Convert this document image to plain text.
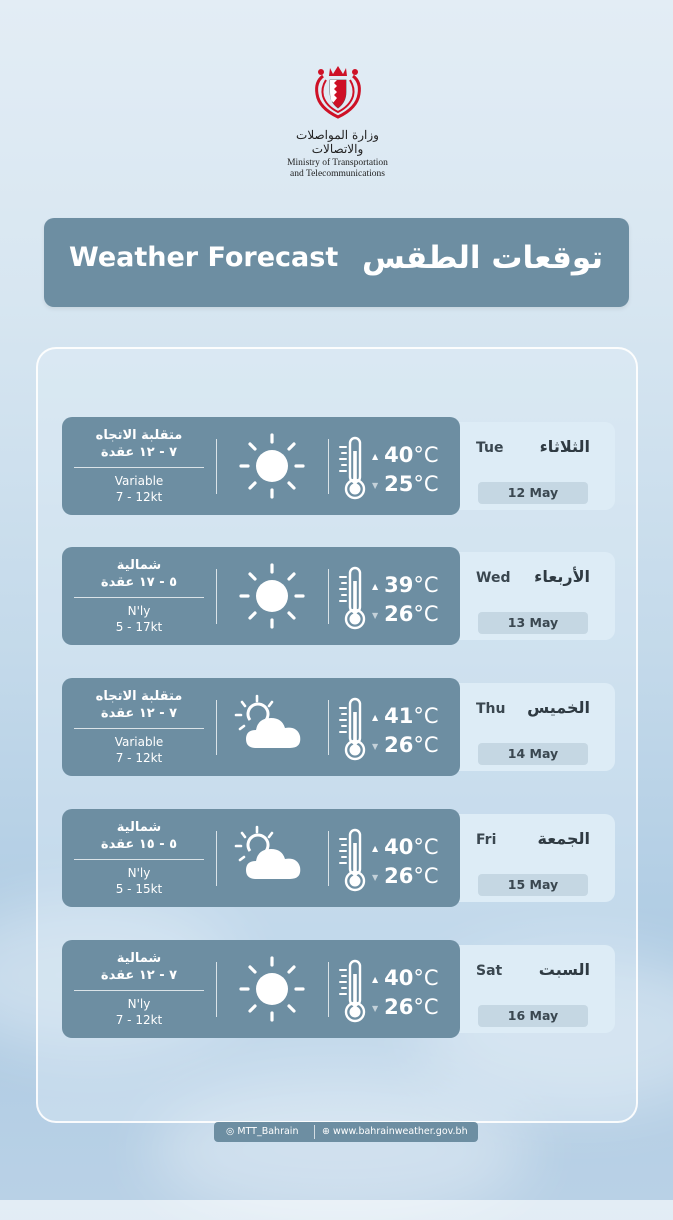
وزارة المواصلات والاتصالات
Ministry of Transportation
and Telecommunications
Weather Forecast توقعات الطقس
Tue الثلاثاء
12 May
متقلبة الاتجاه
٧ - ١٢ عقدة
Variable
7 - 12kt
▲ 40°C
▼ 25°C
Wed الأربعاء
13 May
شمالية
٥ - ١٧ عقدة
N'ly
5 - 17kt
▲ 39°C
▼ 26°C
Thu الخميس
14 May
متقلبة الاتجاه
٧ - ١٢ عقدة
Variable
7 - 12kt
▲ 41°C
▼ 26°C
Fri	الجمعة
15 May
شمالية
٥ - ١٥ عقدة
N'ly
5 - 15kt
▲ 40°C
▼ 26°C
Sat السبت
16 May
شمالية
٧ - ١٢ عقدة
N'ly
7 - 12kt
▲ 40°C
▼ 26°C
◎ MTT_Bahrain ⊕ www.bahrainweather.gov.bh
